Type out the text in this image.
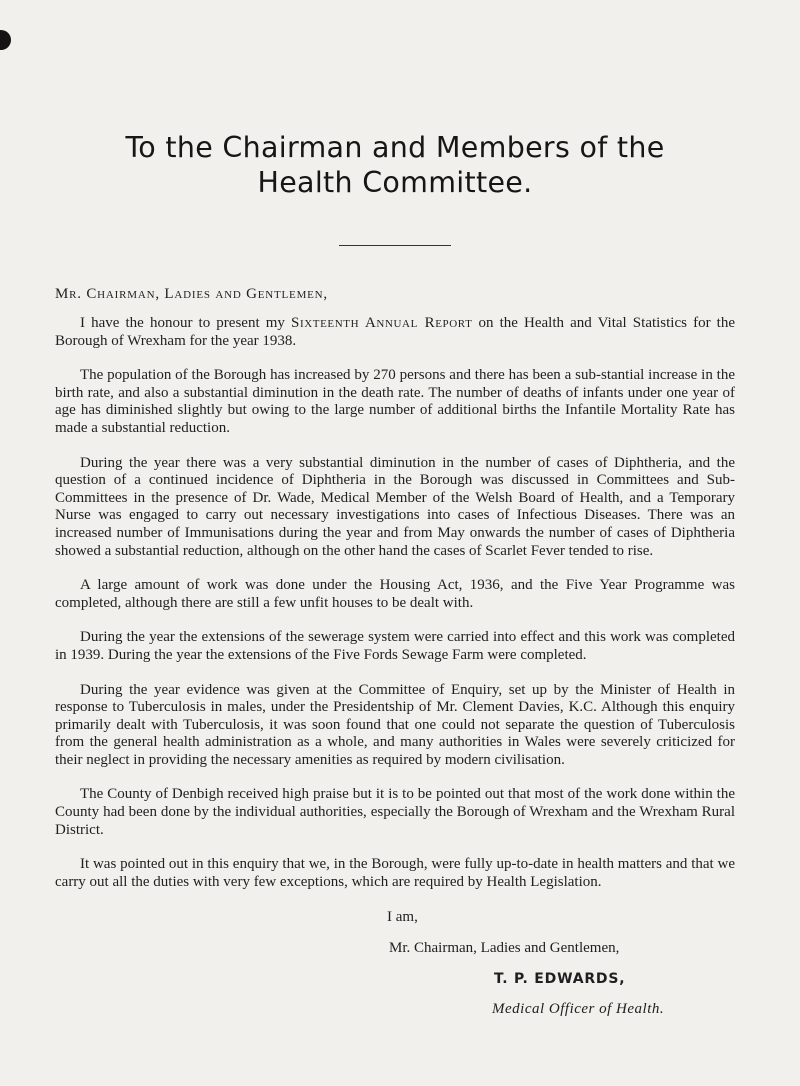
To the Chairman and Members of the
Health Committee.

Mr. Chairman, Ladies and Gentlemen,

I have the honour to present my Sixteenth Annual Report on the Health and Vital Statistics for the Borough of Wrexham for the year 1938.

The population of the Borough has increased by 270 persons and there has been a sub-stantial increase in the birth rate, and also a substantial diminution in the death rate. The number of deaths of infants under one year of age has diminished slightly but owing to the large number of additional births the Infantile Mortality Rate has made a substantial reduction.

During the year there was a very substantial diminution in the number of cases of Diphtheria, and the question of a continued incidence of Diphtheria in the Borough was discussed in Committees and Sub-Committees in the presence of Dr. Wade, Medical Member of the Welsh Board of Health, and a Temporary Nurse was engaged to carry out necessary investigations into cases of Infectious Diseases. There was an increased number of Immunisations during the year and from May onwards the number of cases of Diphtheria showed a substantial reduction, although on the other hand the cases of Scarlet Fever tended to rise.

A large amount of work was done under the Housing Act, 1936, and the Five Year Programme was completed, although there are still a few unfit houses to be dealt with.

During the year the extensions of the sewerage system were carried into effect and this work was completed in 1939. During the year the extensions of the Five Fords Sewage Farm were completed.

During the year evidence was given at the Committee of Enquiry, set up by the Minister of Health in response to Tuberculosis in males, under the Presidentship of Mr. Clement Davies, K.C. Although this enquiry primarily dealt with Tuberculosis, it was soon found that one could not separate the question of Tuberculosis from the general health administration as a whole, and many authorities in Wales were severely criticized for their neglect in providing the necessary amenities as required by modern civilisation.

The County of Denbigh received high praise but it is to be pointed out that most of the work done within the County had been done by the individual authorities, especially the Borough of Wrexham and the Wrexham Rural District.

It was pointed out in this enquiry that we, in the Borough, were fully up-to-date in health matters and that we carry out all the duties with very few exceptions, which are required by Health Legislation.

I am,
Mr. Chairman, Ladies and Gentlemen,
T. P. EDWARDS,
Medical Officer of Health.
